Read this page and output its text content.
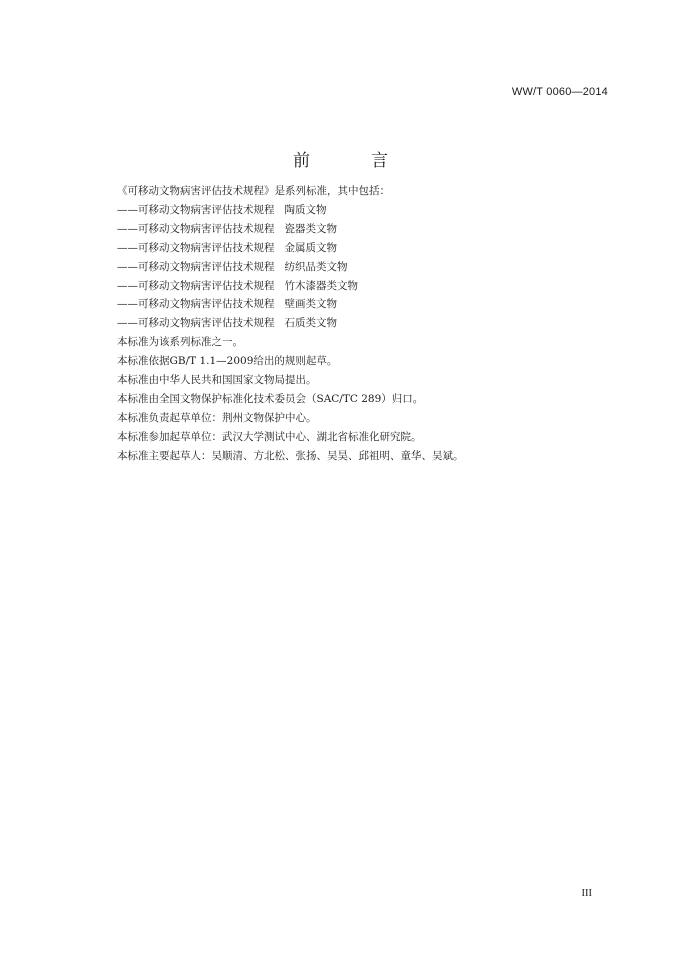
WW/T 0060—2014
前　言
《可移动文物病害评估技术规程》是系列标准，其中包括：
——可移动文物病害评估技术规程 陶质文物
——可移动文物病害评估技术规程 瓷器类文物
——可移动文物病害评估技术规程 金属质文物
——可移动文物病害评估技术规程 纺织品类文物
——可移动文物病害评估技术规程 竹木漆器类文物
——可移动文物病害评估技术规程 壁画类文物
——可移动文物病害评估技术规程 石质类文物
本标准为该系列标准之一。
本标准依据GB/T 1.1—2009给出的规则起草。
本标准由中华人民共和国国家文物局提出。
本标准由全国文物保护标准化技术委员会（SAC/TC 289）归口。
本标准负责起草单位：荆州文物保护中心。
本标准参加起草单位：武汉大学测试中心、湖北省标准化研究院。
本标准主要起草人：吴顺清、方北松、张扬、吴昊、邱祖明、童华、吴斌。
III
